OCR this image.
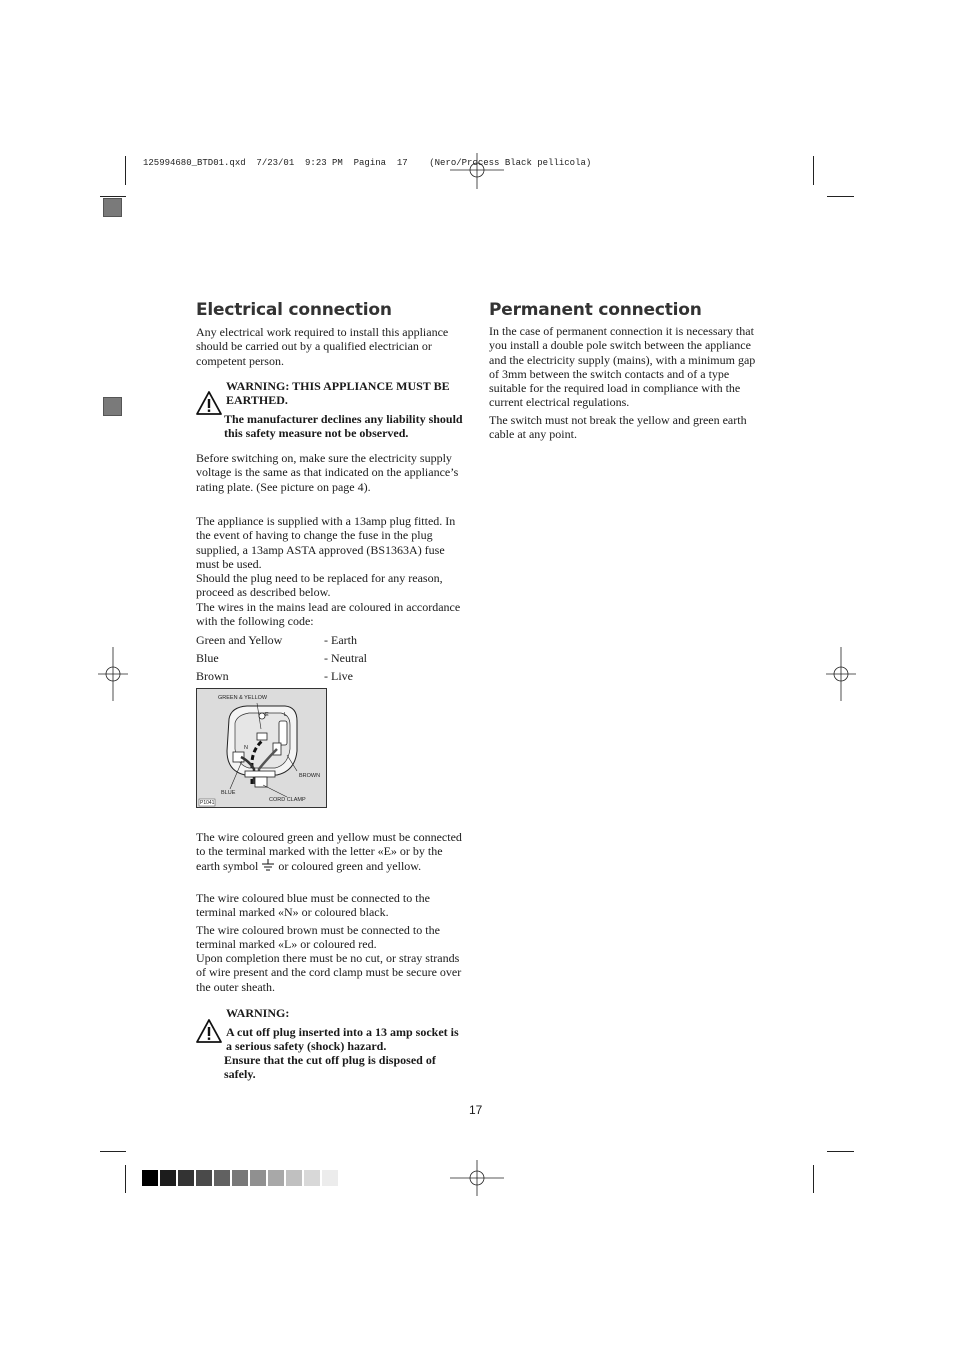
125994680_BTD01.qxd  7/23/01  9:23 PM  Pagina  17    (Nero/Process Black pellicola)
Electrical connection
Any electrical work required to install this appliance should be carried out by a qualified electrician or competent person.
WARNING: THIS APPLIANCE MUST BE EARTHED.
The manufacturer declines any liability should this safety measure not be observed.
Before switching on, make sure the electricity supply voltage is the same as that indicated on the appliance’s rating plate. (See picture on page 4).
The appliance is supplied with a 13amp plug fitted. In the event of having to change the fuse in the plug supplied, a 13amp ASTA approved (BS1363A) fuse must be used.
Should the plug need to be replaced for any reason, proceed as described below.
The wires in the mains lead are coloured in accordance with the following code:
Green and Yellow	- Earth
Blue	- Neutral
Brown	- Live
GREEN & YELLOW
N
E	L
BROWN
BLUE
CORD CLAMP
P1041
The wire coloured green and yellow must be connected to the terminal marked with the letter «E» or by the earth symbol or coloured green and yellow.
The wire coloured blue must be connected to the terminal marked «N» or coloured black.
The wire coloured brown must be connected to the terminal marked «L» or coloured red.
Upon completion there must be no cut, or stray strands of wire present and the cord clamp must be secure over the outer sheath.
WARNING:
A cut off plug inserted into a 13 amp socket is a serious safety (shock) hazard.
Ensure that the cut off plug is disposed of safely.
Permanent connection
In the case of permanent connection it is necessary that you install a double pole switch between the appliance and the electricity supply (mains), with a minimum gap of 3mm between the switch contacts and of a type suitable for the required load in compliance with the current electrical regulations.
The switch must not break the yellow and green earth cable at any point.
17
